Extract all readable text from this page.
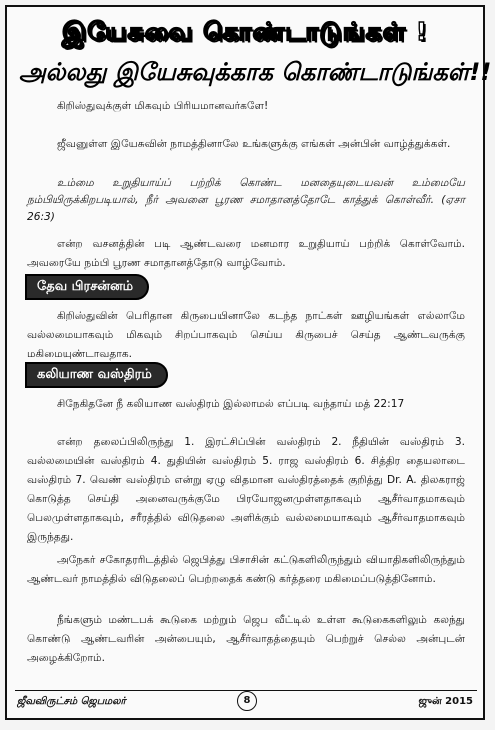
இயேசுவை கொண்டாடுங்கள் !
அல்லது இயேசுவுக்காக கொண்டாடுங்கள்!!
கிறிஸ்துவுக்குள் மிகவும் பிரியமானவர்களே!
ஜீவனுள்ள இயேசுவின் நாமத்தினாலே உங்களுக்கு எங்கள் அன்பின் வாழ்த்துக்கள்.
உம்மை உறுதியாய்ப் பற்றிக் கொண்ட மனதையுடையவன் உம்மையே நம்பியிருக்கிறபடியால், நீர் அவனை பூரண சமாதானத்தோடே காத்துக் கொள்வீர். (ஏசா 26:3)
என்ற வசனத்தின் படி ஆண்டவரை மனமார உறுதியாய் பற்றிக் கொள்வோம். அவரையே நம்பி பூரண சமாதானத்தோடு வாழ்வோம்.
தேவ பிரசன்னம்
கிறிஸ்துவின் பெரிதான கிருபையினாலே கடந்த நாட்கள் ஊழியங்கள் எல்லாமே வல்லமையாகவும் மிகவும் சிறப்பாகவும் செய்ய கிருபைச் செய்த ஆண்டவருக்கு மகிமையுண்டாவதாக.
கலியாண வஸ்திரம்
சிநேகிதனே நீ கலியாண வஸ்திரம் இல்லாமல் எப்படி வந்தாய் மத் 22:17
என்ற தலைப்பிலிருந்து 1. இரட்சிப்பின் வஸ்திரம் 2. நீதியின் வஸ்திரம் 3. வல்லமையின் வஸ்திரம் 4. துதியின் வஸ்திரம் 5. ராஜ வஸ்திரம் 6. சித்திர தையலாடை வஸ்திரம் 7. வெண் வஸ்திரம் என்று ஏழு விதமான வஸ்திரத்தைக் குறித்து Dr. A. திலகராஜ் கொடுத்த செய்தி அனைவருக்குமே பிரயோஜனமுள்ளதாகவும் ஆசீர்வாதமாகவும் பெலமுள்ளதாகவும், சரீரத்தில் விடுதலை அளிக்கும் வல்லமையாகவும் ஆசீர்வாதமாகவும் இருந்தது.
அநேகர் சகோதரரிடத்தில் ஜெபித்து பிசாசின் கட்டுகளிலிருந்தும் வியாதிகளிலிருந்தும் ஆண்டவர் நாமத்தில் விடுதலைப் பெற்றதைக் கண்டு கர்த்தரை மகிமைப்படுத்தினோம்.
நீங்களும் மண்டபக் கூடுகை மற்றும் ஜெப வீட்டில் உள்ள கூடுகைகளிலும் கலந்து கொண்டு ஆண்டவரின் அன்பையும், ஆசீர்வாதத்தையும் பெற்றுச் செல்ல அன்புடன் அழைக்கிறோம்.
ஜீவவிருட்சம் ஜெபமலர்	8	ஜுன் 2015
